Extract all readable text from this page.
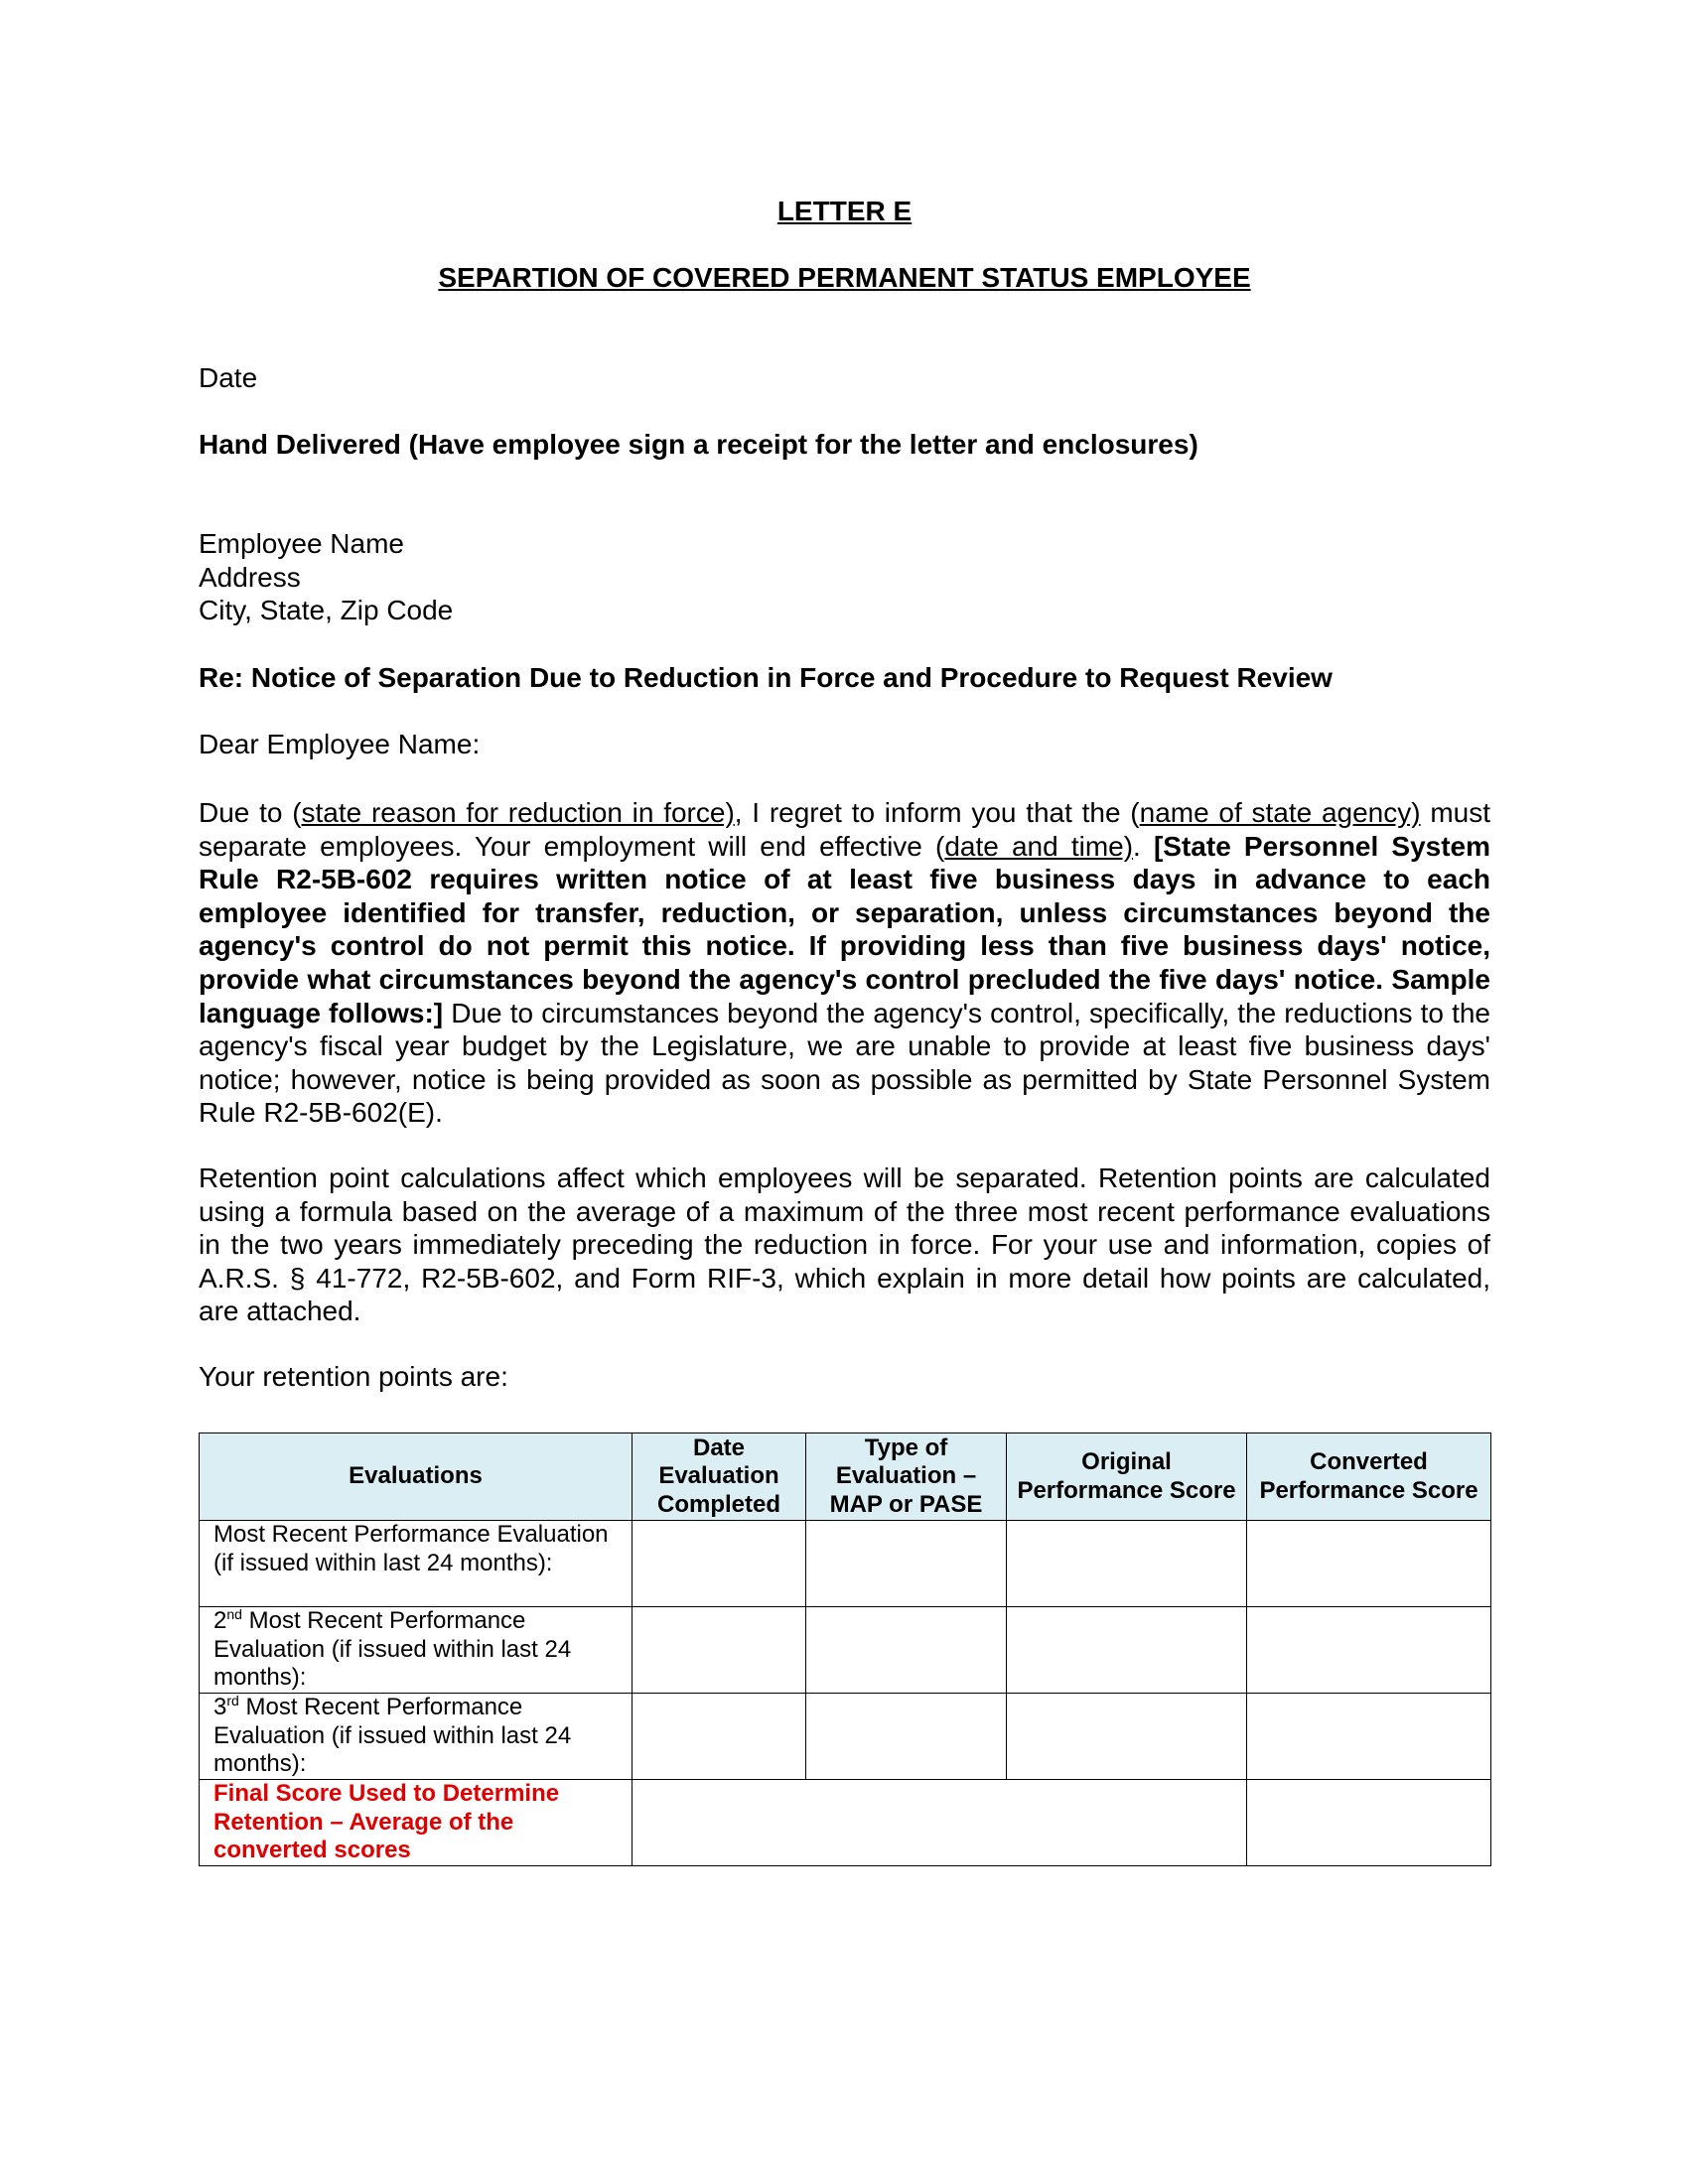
LETTER E
SEPARTION OF COVERED PERMANENT STATUS EMPLOYEE
Date
Hand Delivered (Have employee sign a receipt for the letter and enclosures)
Employee Name
Address
City, State, Zip Code
Re: Notice of Separation Due to Reduction in Force and Procedure to Request Review
Dear Employee Name:
Due to (state reason for reduction in force), I regret to inform you that the (name of state agency) must separate employees. Your employment will end effective (date and time). [State Personnel System Rule R2-5B-602 requires written notice of at least five business days in advance to each employee identified for transfer, reduction, or separation, unless circumstances beyond the agency's control do not permit this notice. If providing less than five business days' notice, provide what circumstances beyond the agency's control precluded the five days' notice. Sample language follows:] Due to circumstances beyond the agency's control, specifically, the reductions to the agency's fiscal year budget by the Legislature, we are unable to provide at least five business days' notice; however, notice is being provided as soon as possible as permitted by State Personnel System Rule R2-5B-602(E).
Retention point calculations affect which employees will be separated. Retention points are calculated using a formula based on the average of a maximum of the three most recent performance evaluations in the two years immediately preceding the reduction in force. For your use and information, copies of A.R.S. § 41-772, R2-5B-602, and Form RIF-3, which explain in more detail how points are calculated, are attached.
Your retention points are:
Evaluations	Date Evaluation Completed	Type of Evaluation – MAP or PASE	Original Performance Score	Converted Performance Score
Most Recent Performance Evaluation (if issued within last 24 months):				
2nd Most Recent Performance Evaluation (if issued within last 24 months):				
3rd Most Recent Performance Evaluation (if issued within last 24 months):				
Final Score Used to Determine Retention – Average of the converted scores				
